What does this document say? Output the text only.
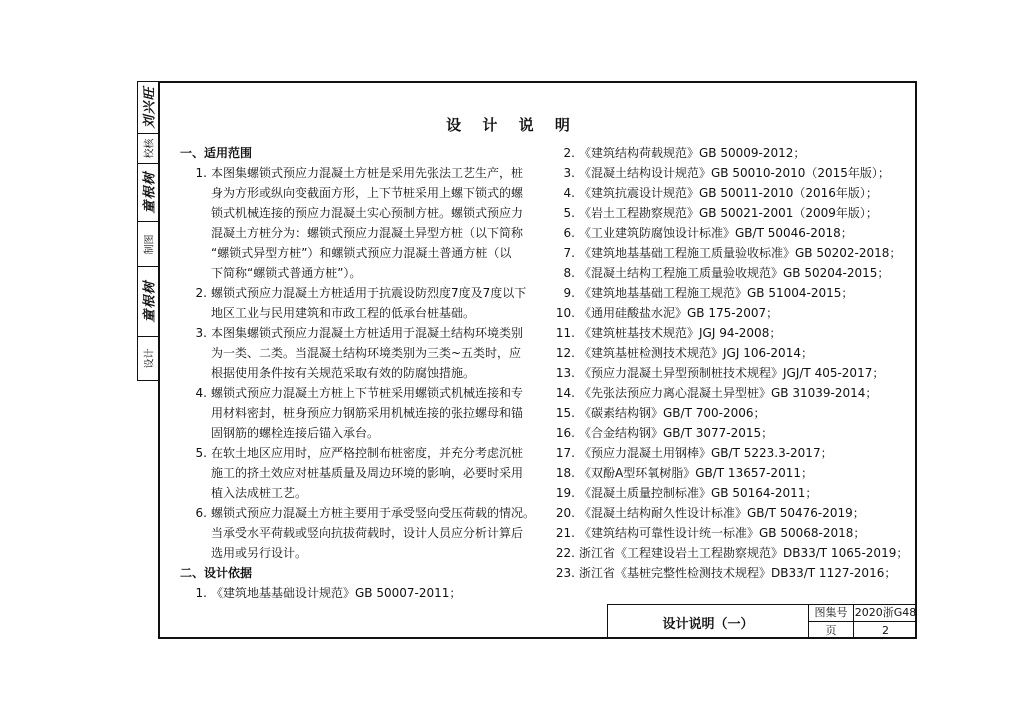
刘兴旺
校核
童根树
制图
童根树
设计
设 计 说 明
一、适用范围
1. 本图集螺锁式预应力混凝土方桩是采用先张法工艺生产，桩
身为方形或纵向变截面方形，上下节桩采用上螺下锁式的螺
锁式机械连接的预应力混凝土实心预制方桩。螺锁式预应力
混凝土方桩分为：螺锁式预应力混凝土异型方桩（以下简称
“螺锁式异型方桩”）和螺锁式预应力混凝土普通方桩（以
下简称“螺锁式普通方桩”）。
2. 螺锁式预应力混凝土方桩适用于抗震设防烈度7度及7度以下
地区工业与民用建筑和市政工程的低承台桩基础。
3. 本图集螺锁式预应力混凝土方桩适用于混凝土结构环境类别
为一类、二类。当混凝土结构环境类别为三类~五类时，应
根据使用条件按有关规范采取有效的防腐蚀措施。
4. 螺锁式预应力混凝土方桩上下节桩采用螺锁式机械连接和专
用材料密封，桩身预应力钢筋采用机械连接的张拉螺母和锚
固钢筋的螺栓连接后锚入承台。
5. 在软土地区应用时，应严格控制布桩密度，并充分考虑沉桩
施工的挤土效应对桩基质量及周边环境的影响，必要时采用
植入法成桩工艺。
6. 螺锁式预应力混凝土方桩主要用于承受竖向受压荷载的情况。
当承受水平荷载或竖向抗拔荷载时，设计人员应分析计算后
选用或另行设计。
二、设计依据
1. 《建筑地基基础设计规范》GB 50007-2011；
2. 《建筑结构荷载规范》GB 50009-2012；
3. 《混凝土结构设计规范》GB 50010-2010（2015年版）；
4. 《建筑抗震设计规范》GB 50011-2010（2016年版）；
5. 《岩土工程勘察规范》GB 50021-2001（2009年版）；
6. 《工业建筑防腐蚀设计标准》GB/T 50046-2018；
7. 《建筑地基基础工程施工质量验收标准》GB 50202-2018；
8. 《混凝土结构工程施工质量验收规范》GB 50204-2015；
9. 《建筑地基基础工程施工规范》GB 51004-2015；
10. 《通用硅酸盐水泥》GB 175-2007；
11. 《建筑桩基技术规范》JGJ 94-2008；
12. 《建筑基桩检测技术规范》JGJ 106-2014；
13. 《预应力混凝土异型预制桩技术规程》JGJ/T 405-2017；
14. 《先张法预应力离心混凝土异型桩》GB 31039-2014；
15. 《碳素结构钢》GB/T 700-2006；
16. 《合金结构钢》GB/T 3077-2015；
17. 《预应力混凝土用钢棒》GB/T 5223.3-2017；
18. 《双酚A型环氧树脂》GB/T 13657-2011；
19. 《混凝土质量控制标准》GB 50164-2011；
20. 《混凝土结构耐久性设计标准》GB/T 50476-2019；
21. 《建筑结构可靠性设计统一标准》GB 50068-2018；
22. 浙江省《工程建设岩土工程勘察规范》DB33/T 1065-2019；
23. 浙江省《基桩完整性检测技术规程》DB33/T 1127-2016；
设计说明（一）
图集号 2020浙G48
页	2
